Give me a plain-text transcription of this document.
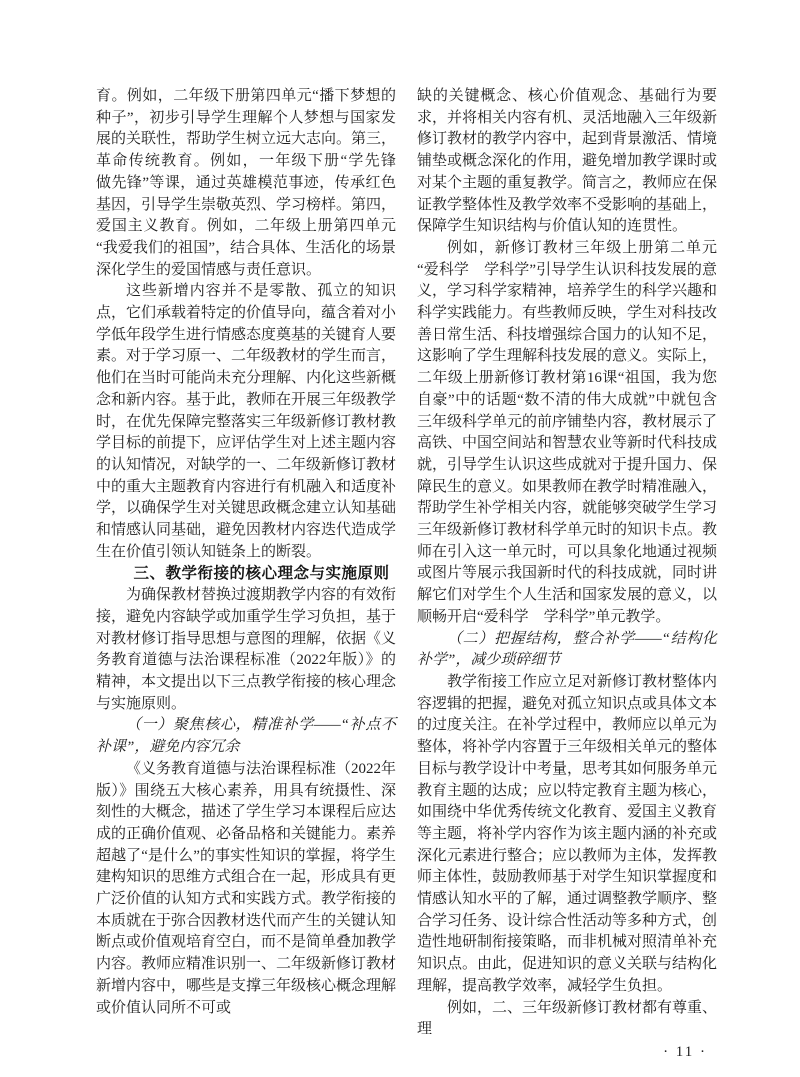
育。例如，二年级下册第四单元“播下梦想的种子”，初步引导学生理解个人梦想与国家发展的关联性，帮助学生树立远大志向。第三，革命传统教育。例如，一年级下册“学先锋　做先锋”等课，通过英雄模范事迹，传承红色基因，引导学生崇敬英烈、学习榜样。第四，爱国主义教育。例如，二年级上册第四单元“我爱我们的祖国”，结合具体、生活化的场景深化学生的爱国情感与责任意识。

这些新增内容并不是零散、孤立的知识点，它们承载着特定的价值导向，蕴含着对小学低年段学生进行情感态度奠基的关键育人要素。对于学习原一、二年级教材的学生而言，他们在当时可能尚未充分理解、内化这些新概念和新内容。基于此，教师在开展三年级教学时，在优先保障完整落实三年级新修订教材教学目标的前提下，应评估学生对上述主题内容的认知情况，对缺学的一、二年级新修订教材中的重大主题教育内容进行有机融入和适度补学，以确保学生对关键思政概念建立认知基础和情感认同基础，避免因教材内容迭代造成学生在价值引领认知链条上的断裂。

三、教学衔接的核心理念与实施原则

为确保教材替换过渡期教学内容的有效衔接，避免内容缺学或加重学生学习负担，基于对教材修订指导思想与意图的理解，依据《义务教育道德与法治课程标准（2022年版）》的精神，本文提出以下三点教学衔接的核心理念与实施原则。

（一）聚焦核心，精准补学——“补点不补课”，避免内容冗余

《义务教育道德与法治课程标准（2022年版）》围绕五大核心素养，用具有统摄性、深刻性的大概念，描述了学生学习本课程后应达成的正确价值观、必备品格和关键能力。素养超越了“是什么”的事实性知识的掌握，将学生建构知识的思维方式组合在一起，形成具有更广泛价值的认知方式和实践方式。教学衔接的本质就在于弥合因教材迭代而产生的关键认知断点或价值观培育空白，而不是简单叠加教学内容。教师应精准识别一、二年级新修订教材新增内容中，哪些是支撑三年级核心概念理解或价值认同所不可或

缺的关键概念、核心价值观念、基础行为要求，并将相关内容有机、灵活地融入三年级新修订教材的教学内容中，起到背景激活、情境铺垫或概念深化的作用，避免增加教学课时或对某个主题的重复教学。简言之，教师应在保证教学整体性及教学效率不受影响的基础上，保障学生知识结构与价值认知的连贯性。

例如，新修订教材三年级上册第二单元“爱科学　学科学”引导学生认识科技发展的意义，学习科学家精神，培养学生的科学兴趣和科学实践能力。有些教师反映，学生对科技改善日常生活、科技增强综合国力的认知不足，这影响了学生理解科技发展的意义。实际上，二年级上册新修订教材第16课“祖国，我为您自豪”中的话题“数不清的伟大成就”中就包含三年级科学单元的前序铺垫内容，教材展示了高铁、中国空间站和智慧农业等新时代科技成就，引导学生认识这些成就对于提升国力、保障民生的意义。如果教师在教学时精准融入，帮助学生补学相关内容，就能够突破学生学习三年级新修订教材科学单元时的知识卡点。教师在引入这一单元时，可以具象化地通过视频或图片等展示我国新时代的科技成就，同时讲解它们对学生个人生活和国家发展的意义，以顺畅开启“爱科学　学科学”单元教学。

（二）把握结构，整合补学——“结构化补学”，减少琐碎细节

教学衔接工作应立足对新修订教材整体内容逻辑的把握，避免对孤立知识点或具体文本的过度关注。在补学过程中，教师应以单元为整体，将补学内容置于三年级相关单元的整体目标与教学设计中考量，思考其如何服务单元教育主题的达成；应以特定教育主题为核心，如围绕中华优秀传统文化教育、爱国主义教育等主题，将补学内容作为该主题内涵的补充或深化元素进行整合；应以教师为主体，发挥教师主体性，鼓励教师基于对学生知识掌握度和情感认知水平的了解，通过调整教学顺序、整合学习任务、设计综合性活动等多种方式，创造性地研制衔接策略，而非机械对照清单补充知识点。由此，促进知识的意义关联与结构化理解，提高教学效率，减轻学生负担。

例如，二、三年级新修订教材都有尊重、理

· 11 ·
